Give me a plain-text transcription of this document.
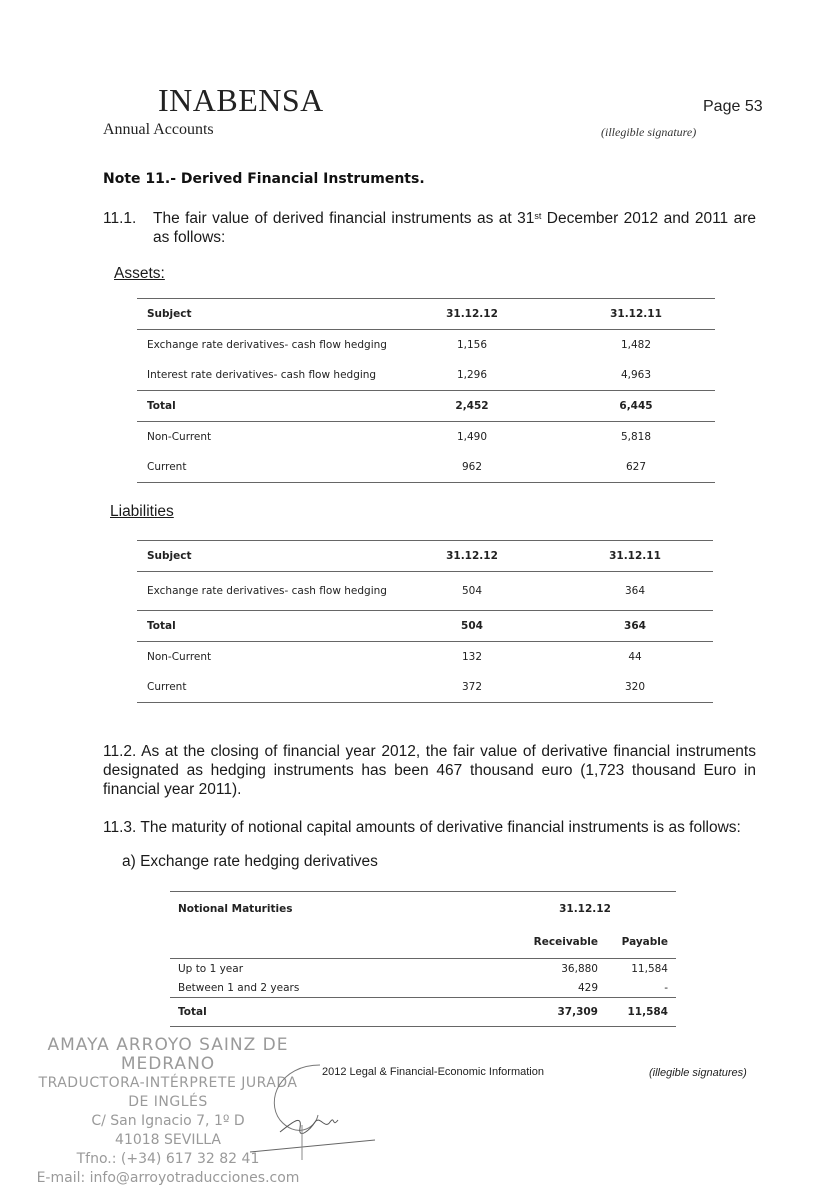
INABENSA
Annual Accounts
Page 53
(illegible signature)
Note 11.- Derived Financial Instruments.
11.1. The fair value of derived financial instruments as at 31st December 2012 and 2011 are as follows:
Assets:
Subject	31.12.12	31.12.11
Exchange rate derivatives- cash flow hedging	1,156	1,482
Interest rate derivatives- cash flow hedging	1,296	4,963
Total	2,452	6,445
Non-Current	1,490	5,818
Current	962	627
Liabilities
Subject	31.12.12	31.12.11
Exchange rate derivatives- cash flow hedging	504	364
Total	504	364
Non-Current	132	44
Current	372	320
11.2. As at the closing of financial year 2012, the fair value of derivative financial instruments designated as hedging instruments has been 467 thousand euro (1,723 thousand Euro in financial year 2011).
11.3. The maturity of notional capital amounts of derivative financial instruments is as follows:
a) Exchange rate hedging derivatives
Notional Maturities	31.12.12	
	Receivable	Payable
Up to 1 year	36,880	11,584
Between 1 and 2 years	429	-
Total	37,309	11,584
AMAYA ARROYO SAINZ DE MEDRANO
TRADUCTORA-INTÉRPRETE JURADA DE INGLÉS
C/ San Ignacio 7, 1º D
41018 SEVILLA
Tfno.: (+34) 617 32 82 41
E-mail: info@arroyotraducciones.com
2012 Legal & Financial-Economic Information	(illegible signatures)
